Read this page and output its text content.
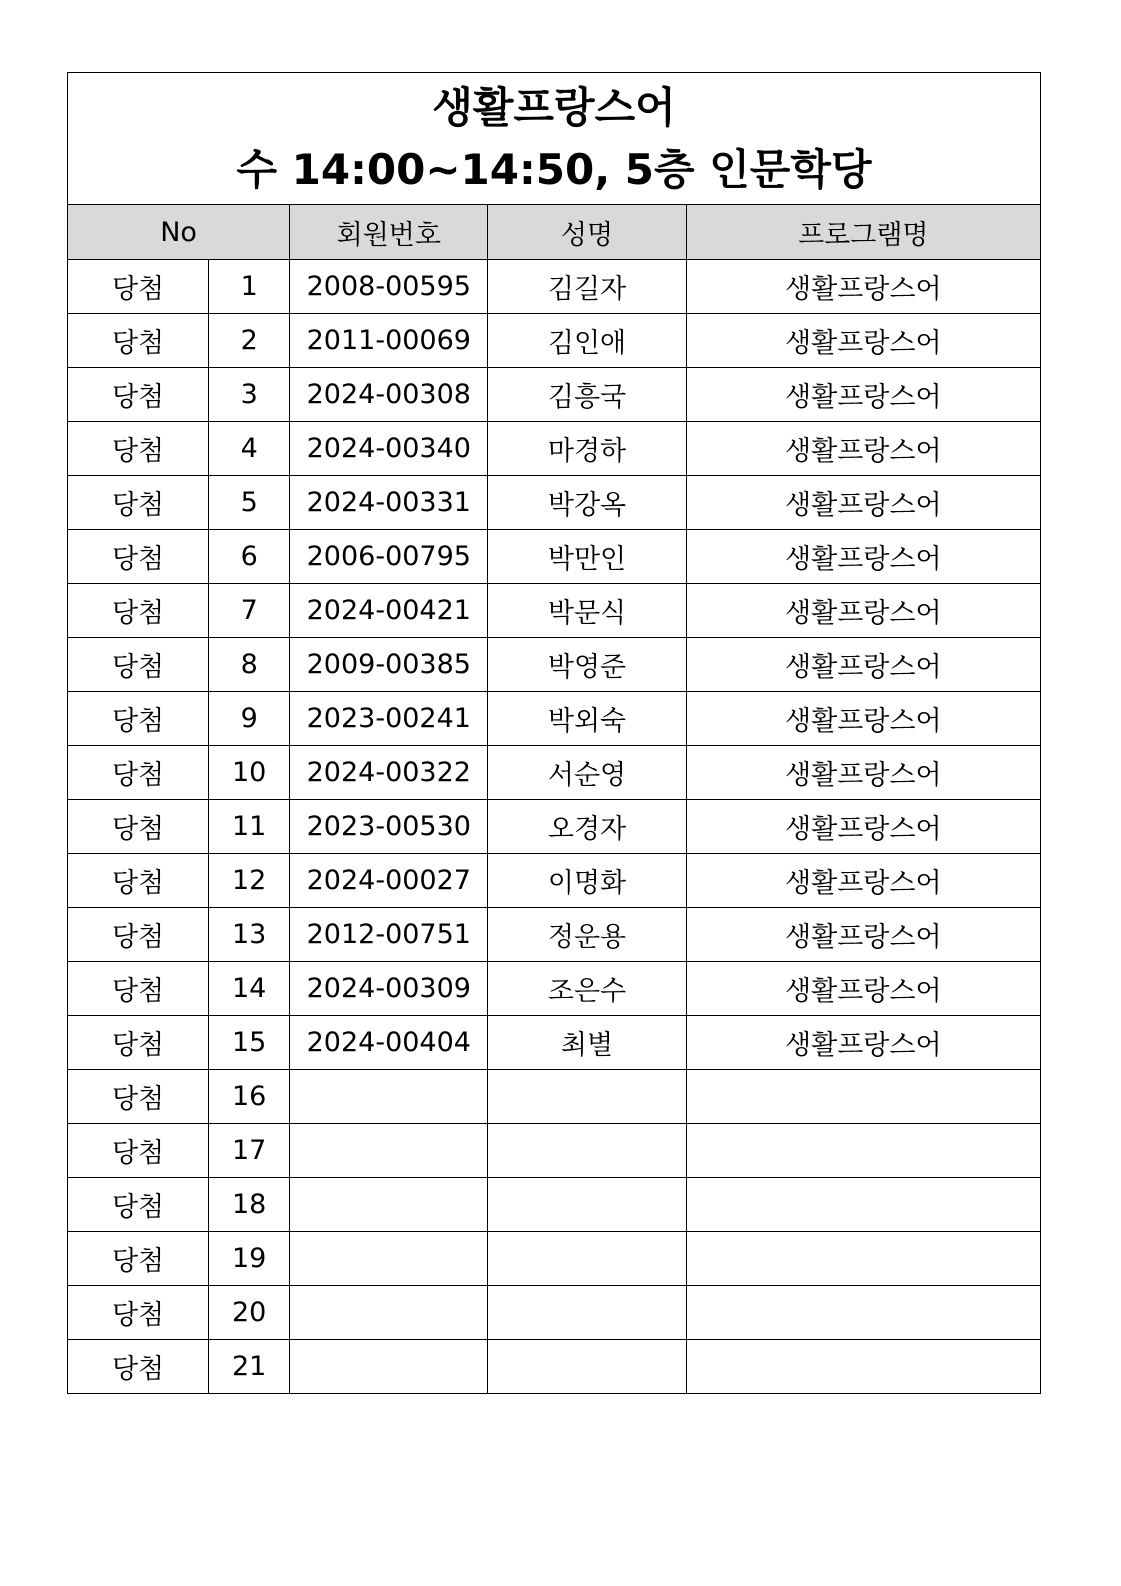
생활프랑스어
수 14:00~14:50, 5층 인문학당				

No		회원번호	성명	프로그램명
당첨	1	2008-00595	김길자	생활프랑스어
당첨	2	2011-00069	김인애	생활프랑스어
당첨	3	2024-00308	김흥국	생활프랑스어
당첨	4	2024-00340	마경하	생활프랑스어
당첨	5	2024-00331	박강옥	생활프랑스어
당첨	6	2006-00795	박만인	생활프랑스어
당첨	7	2024-00421	박문식	생활프랑스어
당첨	8	2009-00385	박영준	생활프랑스어
당첨	9	2023-00241	박외숙	생활프랑스어
당첨	10	2024-00322	서순영	생활프랑스어
당첨	11	2023-00530	오경자	생활프랑스어
당첨	12	2024-00027	이명화	생활프랑스어
당첨	13	2012-00751	정운용	생활프랑스어
당첨	14	2024-00309	조은수	생활프랑스어
당첨	15	2024-00404	최별	생활프랑스어
당첨	16			
당첨	17			
당첨	18			
당첨	19			
당첨	20			
당첨	21			
